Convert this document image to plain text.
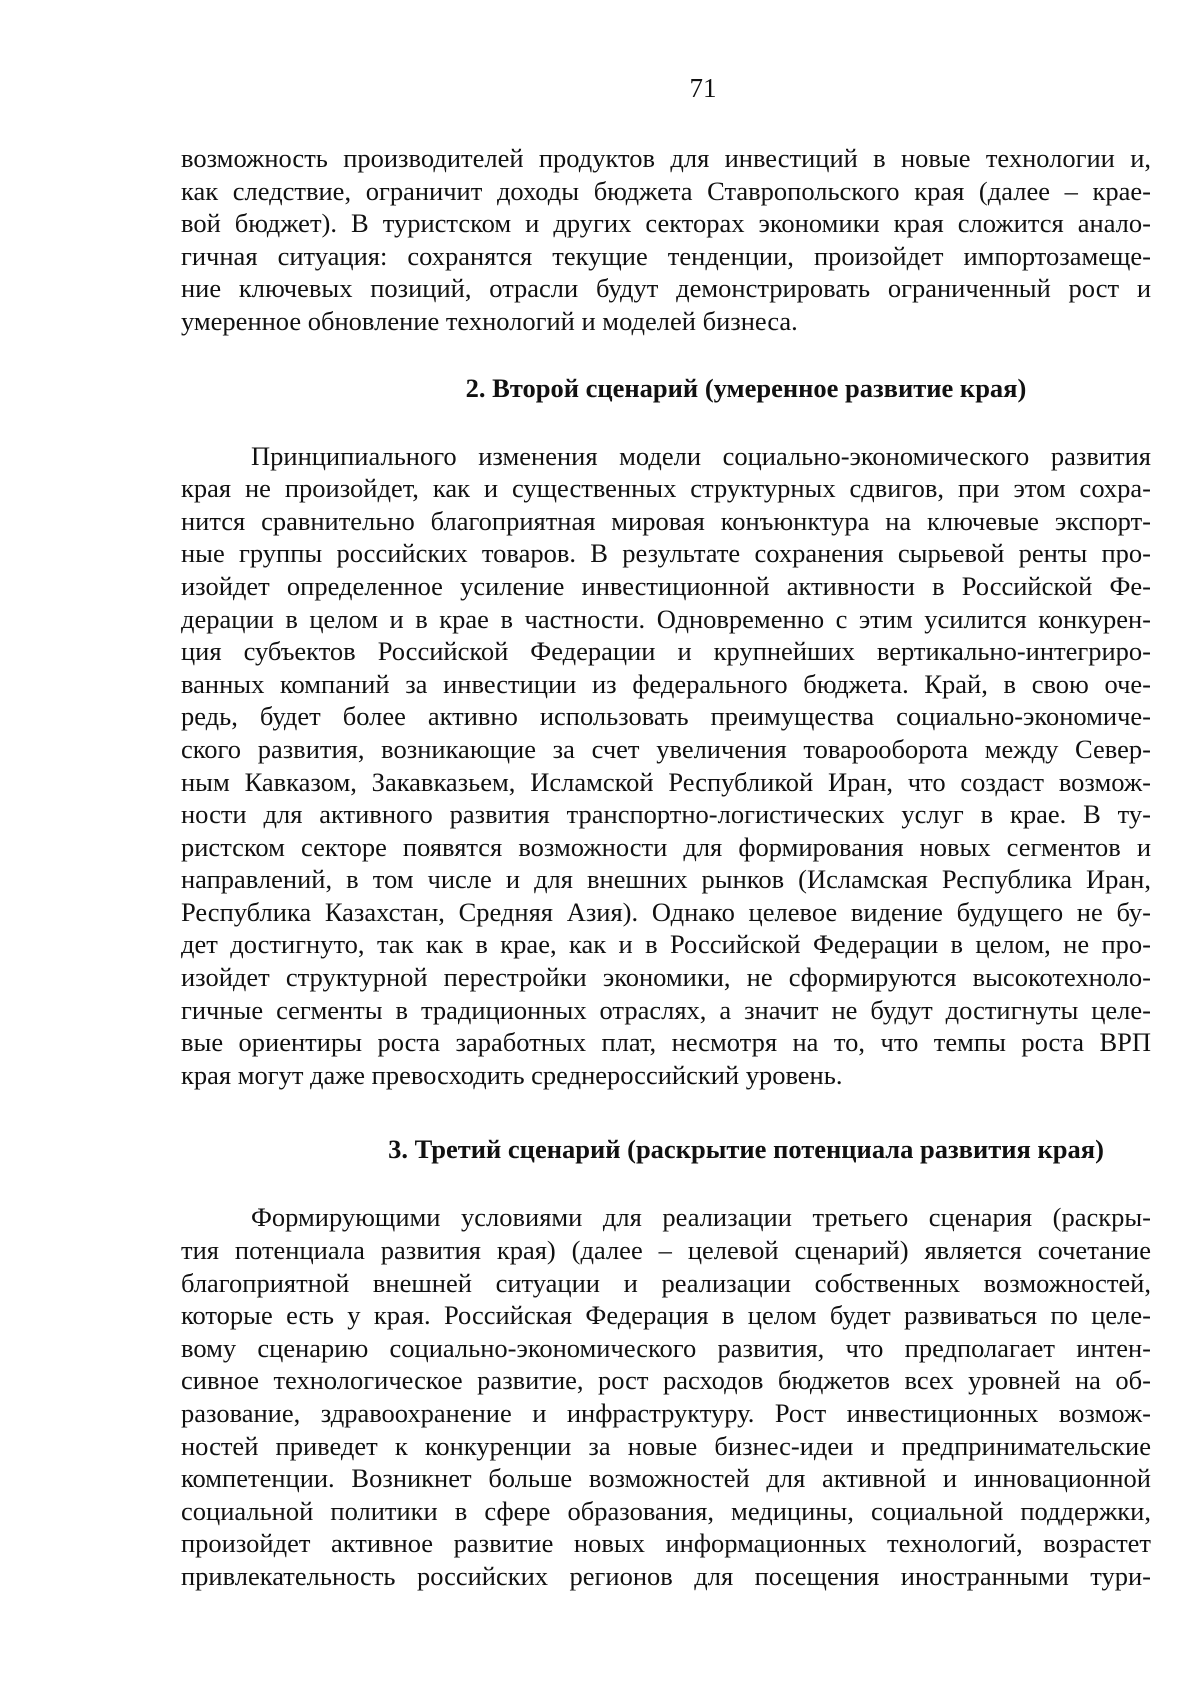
71
возможность производителей продуктов для инвестиций в новые технологии и,
как следствие, ограничит доходы бюджета Ставропольского края (далее – крае-
вой бюджет). В туристском и других секторах экономики края сложится анало-
гичная ситуация: сохранятся текущие тенденции, произойдет импортозамеще-
ние ключевых позиций, отрасли будут демонстрировать ограниченный рост и
умеренное обновление технологий и моделей бизнеса.
2. Второй сценарий (умеренное развитие края)
Принципиального изменения модели социально-экономического развития
края не произойдет, как и существенных структурных сдвигов, при этом сохра-
нится сравнительно благоприятная мировая конъюнктура на ключевые экспорт-
ные группы российских товаров. В результате сохранения сырьевой ренты про-
изойдет определенное усиление инвестиционной активности в Российской Фе-
дерации в целом и в крае в частности. Одновременно с этим усилится конкурен-
ция субъектов Российской Федерации и крупнейших вертикально-интегриро-
ванных компаний за инвестиции из федерального бюджета. Край, в свою оче-
редь, будет более активно использовать преимущества социально-экономиче-
ского развития, возникающие за счет увеличения товарооборота между Север-
ным Кавказом, Закавказьем, Исламской Республикой Иран, что создаст возмож-
ности для активного развития транспортно-логистических услуг в крае. В ту-
ристском секторе появятся возможности для формирования новых сегментов и
направлений, в том числе и для внешних рынков (Исламская Республика Иран,
Республика Казахстан, Средняя Азия). Однако целевое видение будущего не бу-
дет достигнуто, так как в крае, как и в Российской Федерации в целом, не про-
изойдет структурной перестройки экономики, не сформируются высокотехноло-
гичные сегменты в традиционных отраслях, а значит не будут достигнуты целе-
вые ориентиры роста заработных плат, несмотря на то, что темпы роста ВРП
края могут даже превосходить среднероссийский уровень.
3. Третий сценарий (раскрытие потенциала развития края)
Формирующими условиями для реализации третьего сценария (раскры-
тия потенциала развития края) (далее – целевой сценарий) является сочетание
благоприятной внешней ситуации и реализации собственных возможностей,
которые есть у края. Российская Федерация в целом будет развиваться по целе-
вому сценарию социально-экономического развития, что предполагает интен-
сивное технологическое развитие, рост расходов бюджетов всех уровней на об-
разование, здравоохранение и инфраструктуру. Рост инвестиционных возмож-
ностей приведет к конкуренции за новые бизнес-идеи и предпринимательские
компетенции. Возникнет больше возможностей для активной и инновационной
социальной политики в сфере образования, медицины, социальной поддержки,
произойдет активное развитие новых информационных технологий, возрастет
привлекательность российских регионов для посещения иностранными тури-
